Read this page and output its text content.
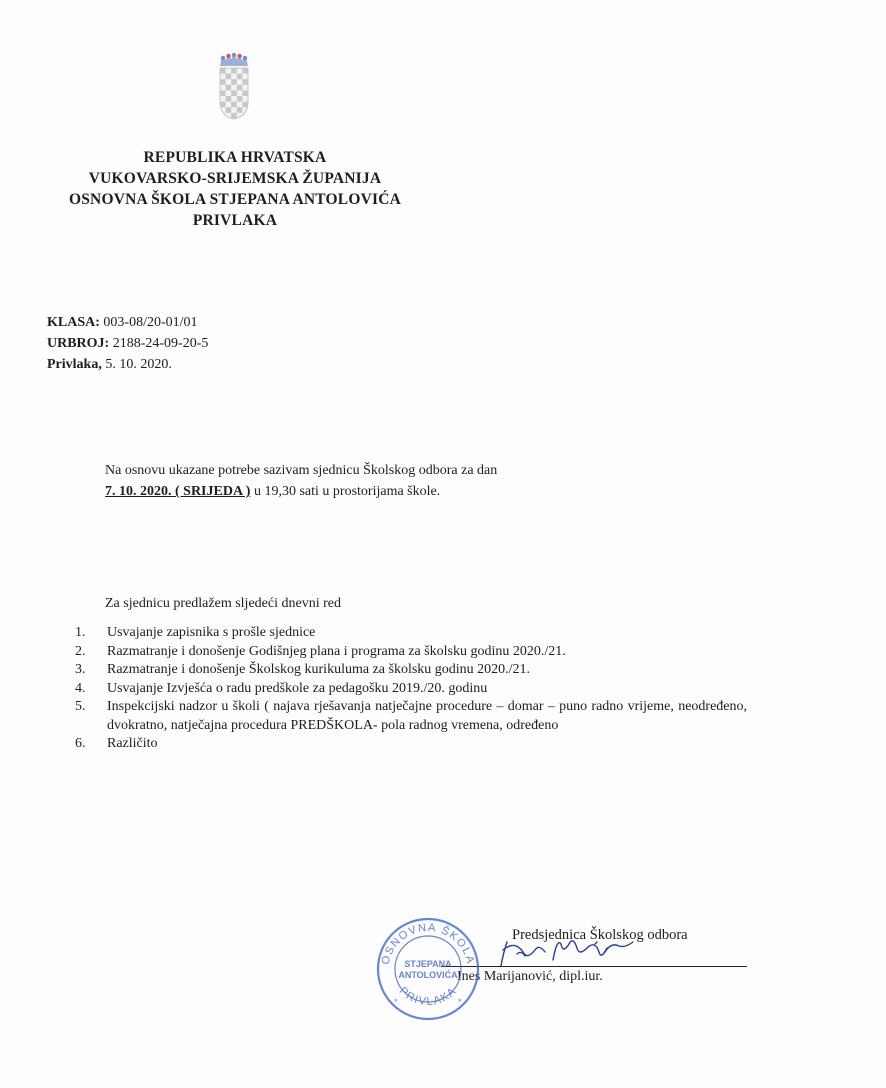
REPUBLIKA HRVATSKA
VUKOVARSKO-SRIJEMSKA ŽUPANIJA
OSNOVNA ŠKOLA STJEPANA ANTOLOVIĆA
PRIVLAKA
KLASA: 003-08/20-01/01
URBROJ: 2188-24-09-20-5
Privlaka, 5. 10. 2020.
Na osnovu ukazane potrebe sazivam sjednicu Školskog odbora za dan
7. 10. 2020. ( SRIJEDA ) u 19,30 sati u prostorijama škole.
Za sjednicu predlažem sljedeći dnevni red
1.	Usvajanje zapisnika s prošle sjednice
2.	Razmatranje i donošenje Godišnjeg plana i programa za školsku godinu 2020./21.
3.	Razmatranje i donošenje Školskog kurikuluma za školsku godinu 2020./21.
4.	Usvajanje Izvješća o radu predškole za pedagošku 2019./20. godinu
5.	Inspekcijski nadzor u školi ( najava rješavanja natječajne procedure – domar – puno radno vrijeme, neodređeno, dvokratno, natječajna procedura PREDŠKOLA- pola radnog vremena, određeno
6.	Različito
Predsjednica Školskog odbora
Ines Marijanović, dipl.iur.
OSNOVNA ŠKOLA
PRIVLAKA
STJEPANA
ANTOLOVIĆA
*	*
